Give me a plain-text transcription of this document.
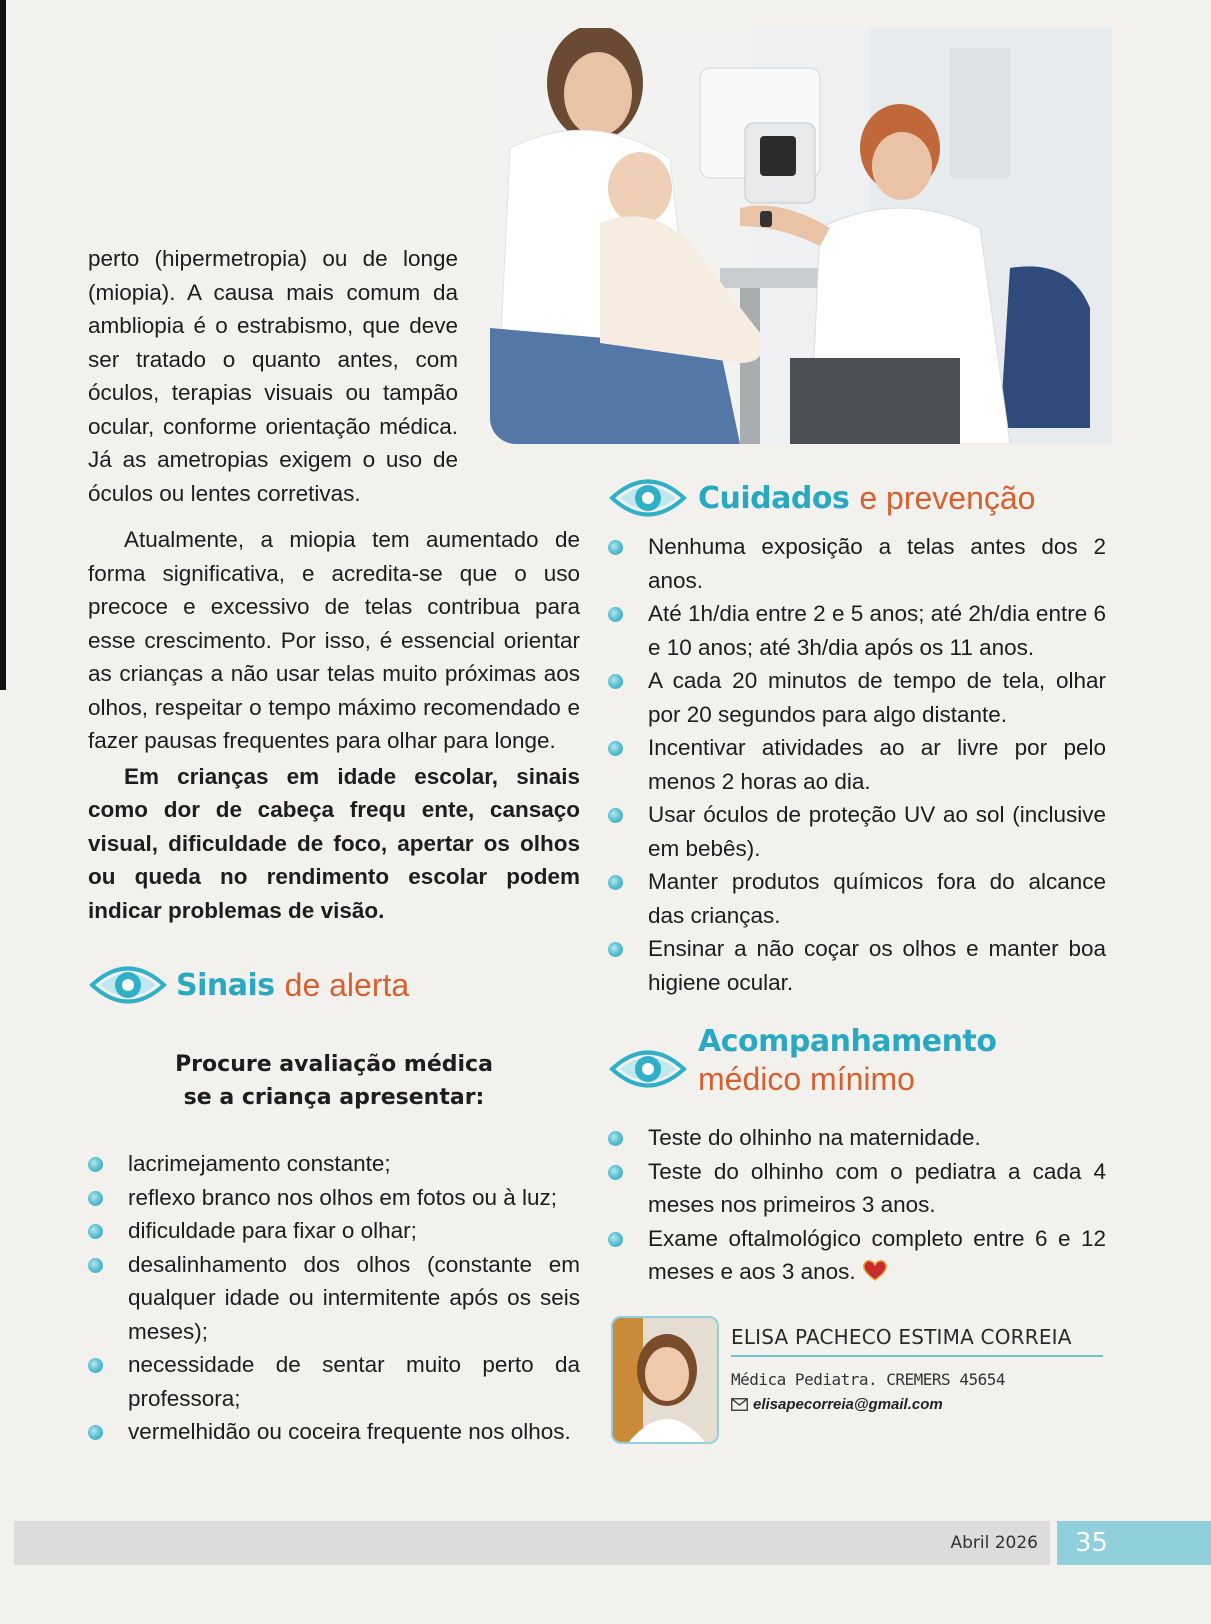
perto (hipermetropia) ou de longe (miopia). A causa mais comum da ambliopia é o estrabismo, que deve ser tratado o quanto antes, com óculos, terapias visuais ou tampão ocular, conforme orientação médica. Já as ametropias exigem o uso de óculos ou lentes corretivas.

Atualmente, a miopia tem aumentado de forma significativa, e acredita-se que o uso precoce e excessivo de telas contribua para esse crescimento. Por isso, é essencial orientar as crianças a não usar telas muito próximas aos olhos, respeitar o tempo máximo recomendado e fazer pausas frequentes para olhar para longe.

Em crianças em idade escolar, sinais como dor de cabeça frequ ente, cansaço visual, dificuldade de foco, apertar os olhos ou queda no rendimento escolar podem indicar problemas de visão.

Sinais de alerta
Procure avaliação médica
se a criança apresentar:
lacrimejamento constante;
reflexo branco nos olhos em fotos ou à luz;
dificuldade para fixar o olhar;
desalinhamento dos olhos (constante em qualquer idade ou intermitente após os seis meses);
necessidade de sentar muito perto da professora;
vermelhidão ou coceira frequente nos olhos.
Cuidados e prevenção
Nenhuma exposição a telas antes dos 2 anos.
Até 1h/dia entre 2 e 5 anos; até 2h/dia entre 6 e 10 anos; até 3h/dia após os 11 anos.
A cada 20 minutos de tempo de tela, olhar por 20 segundos para algo distante.
Incentivar atividades ao ar livre por pelo menos 2 horas ao dia.
Usar óculos de proteção UV ao sol (inclusive em bebês).
Manter produtos químicos fora do alcance das crianças.
Ensinar a não coçar os olhos e manter boa higiene ocular.
Acompanhamento
médico mínimo
Teste do olhinho na maternidade.
Teste do olhinho com o pediatra a cada 4 meses nos primeiros 3 anos.
Exame oftalmológico completo entre 6 e 12 meses e aos 3 anos.
ELISA PACHECO ESTIMA CORREIA
Médica Pediatra. CREMERS 45654
elisapecorreia@gmail.com
Abril 2026	35
